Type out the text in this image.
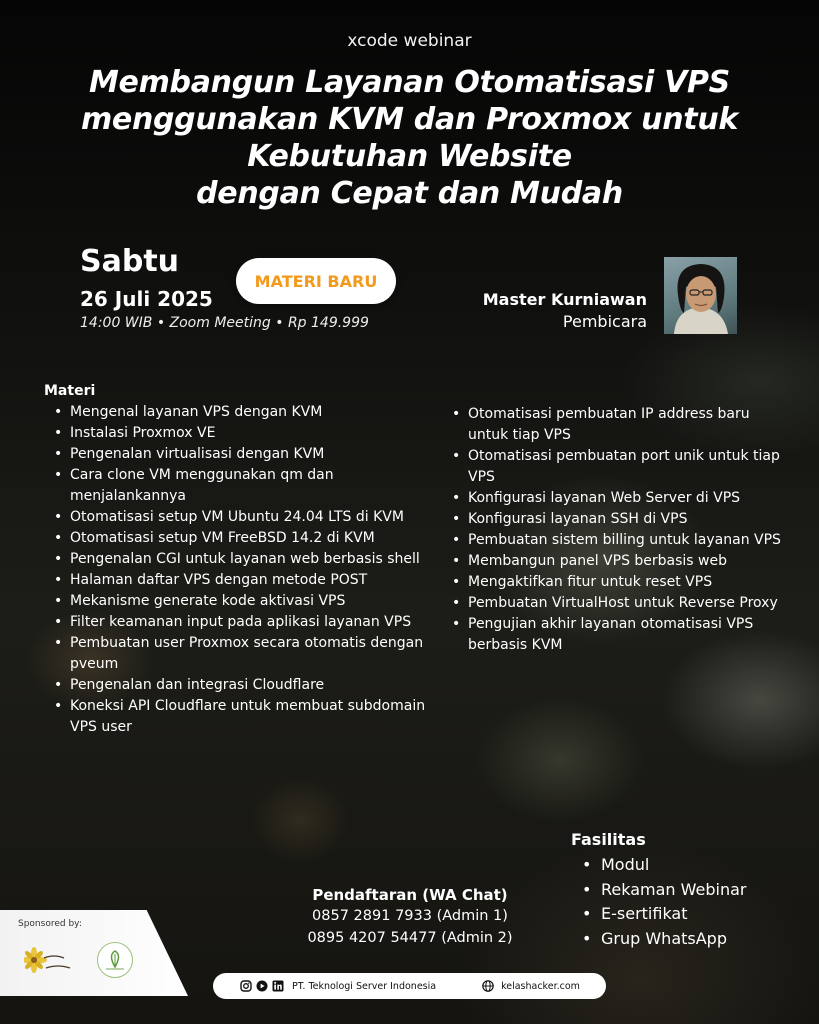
xcode webinar
Membangun Layanan Otomatisasi VPS
menggunakan KVM dan Proxmox untuk
Kebutuhan Website
dengan Cepat dan Mudah
Sabtu
26 Juli 2025
14:00 WIB • Zoom Meeting • Rp 149.999
MATERI BARU
Master Kurniawan
Pembicara
Materi
• Mengenal layanan VPS dengan KVM
• Instalasi Proxmox VE
• Pengenalan virtualisasi dengan KVM
• Cara clone VM menggunakan qm dan menjalankannya
• Otomatisasi setup VM Ubuntu 24.04 LTS di KVM
• Otomatisasi setup VM FreeBSD 14.2 di KVM
• Pengenalan CGI untuk layanan web berbasis shell
• Halaman daftar VPS dengan metode POST
• Mekanisme generate kode aktivasi VPS
• Filter keamanan input pada aplikasi layanan VPS
• Pembuatan user Proxmox secara otomatis dengan pveum
• Pengenalan dan integrasi Cloudflare
• Koneksi API Cloudflare untuk membuat subdomain VPS user
• Otomatisasi pembuatan IP address baru untuk tiap VPS
• Otomatisasi pembuatan port unik untuk tiap VPS
• Konfigurasi layanan Web Server di VPS
• Konfigurasi layanan SSH di VPS
• Pembuatan sistem billing untuk layanan VPS
• Membangun panel VPS berbasis web
• Mengaktifkan fitur untuk reset VPS
• Pembuatan VirtualHost untuk Reverse Proxy
• Pengujian akhir layanan otomatisasi VPS berbasis KVM
Fasilitas
• Modul
• Rekaman Webinar
• E-sertifikat
• Grup WhatsApp
Pendaftaran (WA Chat)
0857 2891 7933 (Admin 1)
0895 4207 54477 (Admin 2)
Sponsored by:
PT. Teknologi Server Indonesia	kelashacker.com
